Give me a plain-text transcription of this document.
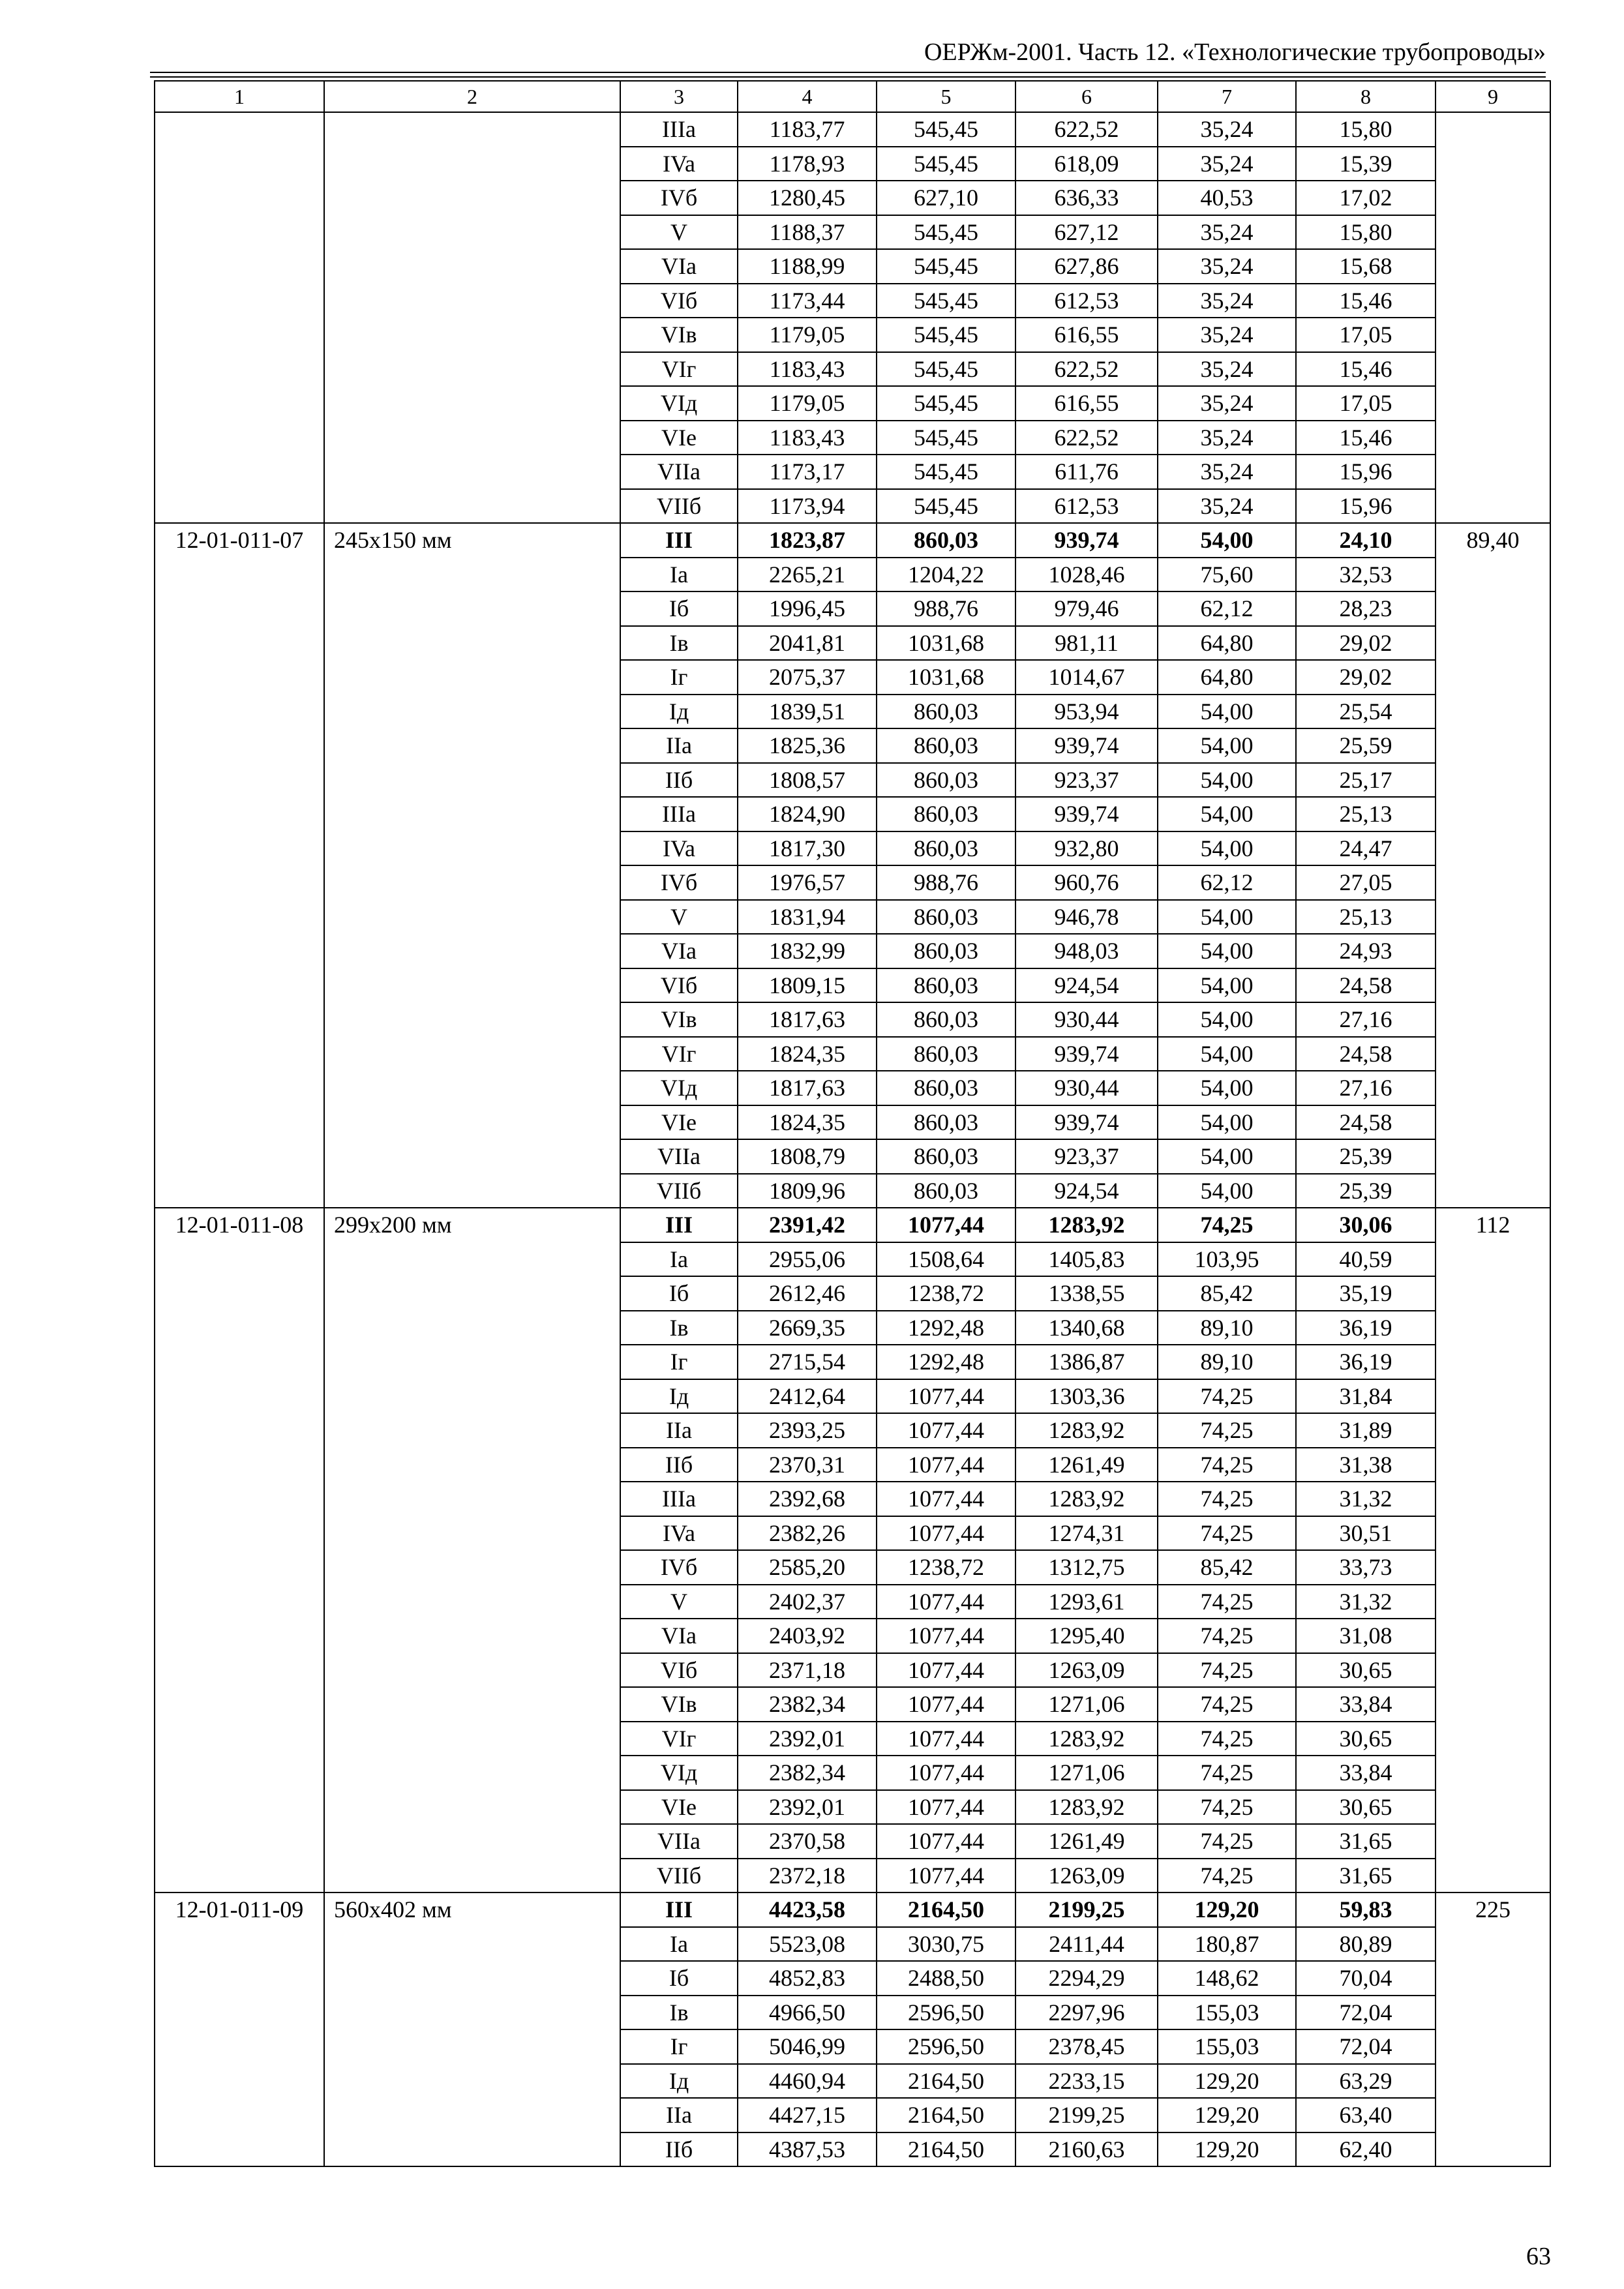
ОЕРЖм-2001. Часть 12. «Технологические трубопроводы»
1	2	3	4	5	6	7	8	9
		IIIa	1183,77	545,45	622,52	35,24	15,80	
		IVa	1178,93	545,45	618,09	35,24	15,39	
		IVб	1280,45	627,10	636,33	40,53	17,02	
		V	1188,37	545,45	627,12	35,24	15,80	
		VIa	1188,99	545,45	627,86	35,24	15,68	
		VIб	1173,44	545,45	612,53	35,24	15,46	
		VIв	1179,05	545,45	616,55	35,24	17,05	
		VIг	1183,43	545,45	622,52	35,24	15,46	
		VIд	1179,05	545,45	616,55	35,24	17,05	
		VIe	1183,43	545,45	622,52	35,24	15,46	
		VIIa	1173,17	545,45	611,76	35,24	15,96	
		VIIб	1173,94	545,45	612,53	35,24	15,96	
12-01-011-07	245x150 мм	III	1823,87	860,03	939,74	54,00	24,10	89,40
		Ia	2265,21	1204,22	1028,46	75,60	32,53	
		Iб	1996,45	988,76	979,46	62,12	28,23	
		Iв	2041,81	1031,68	981,11	64,80	29,02	
		Iг	2075,37	1031,68	1014,67	64,80	29,02	
		Iд	1839,51	860,03	953,94	54,00	25,54	
		IIa	1825,36	860,03	939,74	54,00	25,59	
		IIб	1808,57	860,03	923,37	54,00	25,17	
		IIIa	1824,90	860,03	939,74	54,00	25,13	
		IVa	1817,30	860,03	932,80	54,00	24,47	
		IVб	1976,57	988,76	960,76	62,12	27,05	
		V	1831,94	860,03	946,78	54,00	25,13	
		VIa	1832,99	860,03	948,03	54,00	24,93	
		VIб	1809,15	860,03	924,54	54,00	24,58	
		VIв	1817,63	860,03	930,44	54,00	27,16	
		VIг	1824,35	860,03	939,74	54,00	24,58	
		VIд	1817,63	860,03	930,44	54,00	27,16	
		VIe	1824,35	860,03	939,74	54,00	24,58	
		VIIa	1808,79	860,03	923,37	54,00	25,39	
		VIIб	1809,96	860,03	924,54	54,00	25,39	
12-01-011-08	299x200 мм	III	2391,42	1077,44	1283,92	74,25	30,06	112
		Ia	2955,06	1508,64	1405,83	103,95	40,59	
		Iб	2612,46	1238,72	1338,55	85,42	35,19	
		Iв	2669,35	1292,48	1340,68	89,10	36,19	
		Iг	2715,54	1292,48	1386,87	89,10	36,19	
		Iд	2412,64	1077,44	1303,36	74,25	31,84	
		IIa	2393,25	1077,44	1283,92	74,25	31,89	
		IIб	2370,31	1077,44	1261,49	74,25	31,38	
		IIIa	2392,68	1077,44	1283,92	74,25	31,32	
		IVa	2382,26	1077,44	1274,31	74,25	30,51	
		IVб	2585,20	1238,72	1312,75	85,42	33,73	
		V	2402,37	1077,44	1293,61	74,25	31,32	
		VIa	2403,92	1077,44	1295,40	74,25	31,08	
		VIб	2371,18	1077,44	1263,09	74,25	30,65	
		VIв	2382,34	1077,44	1271,06	74,25	33,84	
		VIг	2392,01	1077,44	1283,92	74,25	30,65	
		VIд	2382,34	1077,44	1271,06	74,25	33,84	
		VIe	2392,01	1077,44	1283,92	74,25	30,65	
		VIIa	2370,58	1077,44	1261,49	74,25	31,65	
		VIIб	2372,18	1077,44	1263,09	74,25	31,65	
12-01-011-09	560x402 мм	III	4423,58	2164,50	2199,25	129,20	59,83	225
		Ia	5523,08	3030,75	2411,44	180,87	80,89	
		Iб	4852,83	2488,50	2294,29	148,62	70,04	
		Iв	4966,50	2596,50	2297,96	155,03	72,04	
		Iг	5046,99	2596,50	2378,45	155,03	72,04	
		Iд	4460,94	2164,50	2233,15	129,20	63,29	
		IIa	4427,15	2164,50	2199,25	129,20	63,40	
		IIб	4387,53	2164,50	2160,63	129,20	62,40	
63
